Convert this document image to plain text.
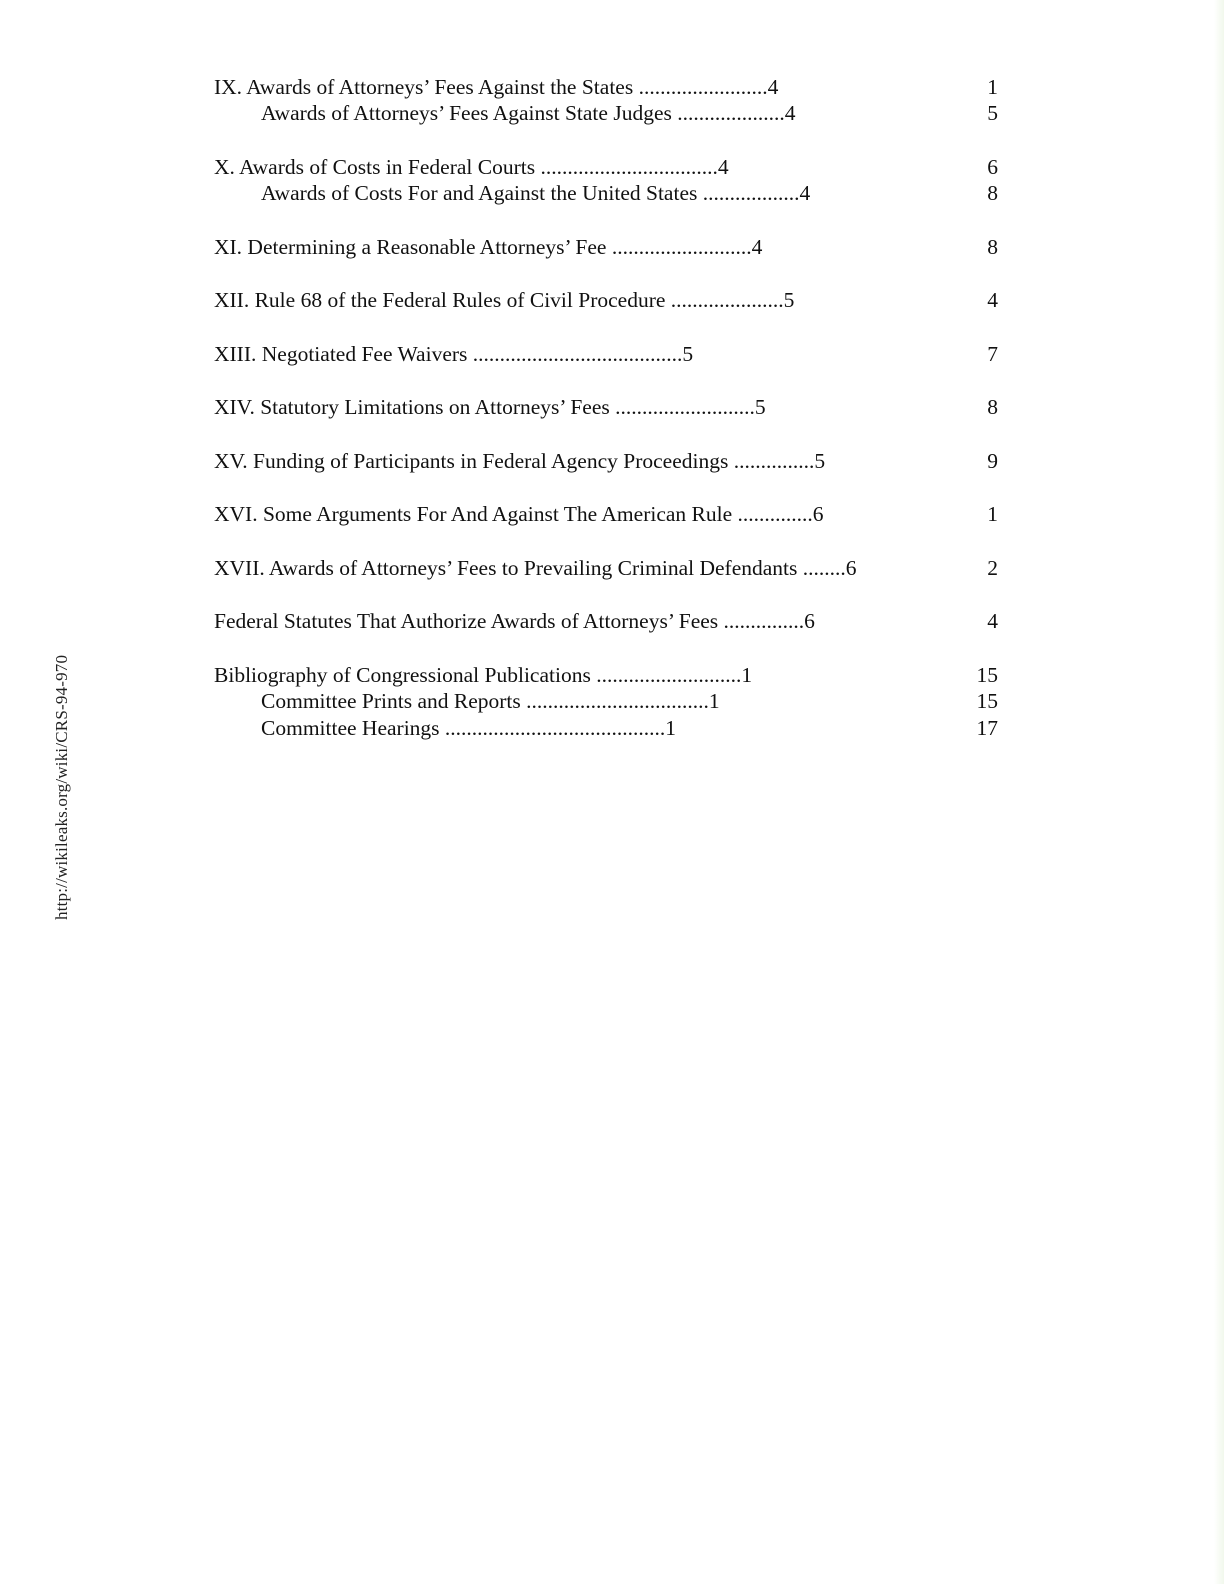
http://wikileaks.org/wiki/CRS-94-970
IX. Awards of Attorneys’ Fees Against the States ........................4	1
Awards of Attorneys’ Fees Against State Judges ....................4	5
X. Awards of Costs in Federal Courts .................................4	6
Awards of Costs For and Against the United States ..................4	8
XI. Determining a Reasonable Attorneys’ Fee ..........................4	8
XII. Rule 68 of the Federal Rules of Civil Procedure .....................5	4
XIII. Negotiated Fee Waivers .......................................5	7
XIV. Statutory Limitations on Attorneys’ Fees ..........................5	8
XV. Funding of Participants in Federal Agency Proceedings ...............5	9
XVI. Some Arguments For And Against The American Rule ..............6	1
XVII. Awards of Attorneys’ Fees to Prevailing Criminal Defendants ........6	2
Federal Statutes That Authorize Awards of Attorneys’ Fees ...............6	4
Bibliography of Congressional Publications ...........................1	15
Committee Prints and Reports ..................................1	15
Committee Hearings .........................................1	17
